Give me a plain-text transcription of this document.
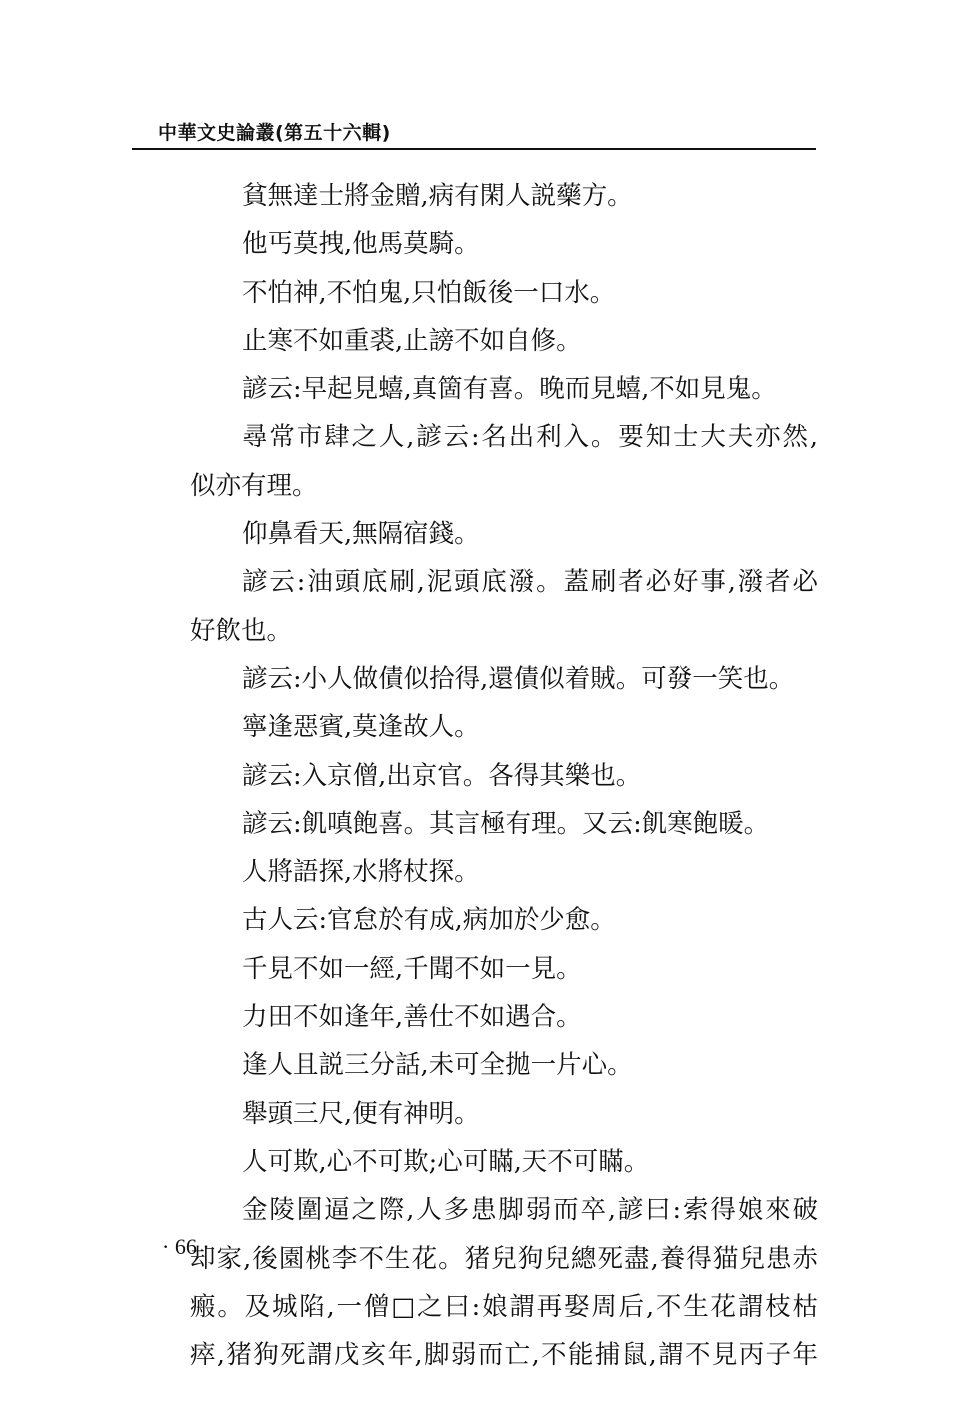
中華文史論叢(第五十六輯)
貧無達士將金贈,病有閑人説藥方。
他丐莫拽,他馬莫騎。
不怕神,不怕鬼,只怕飯後一口水。
止寒不如重裘,止謗不如自修。
諺云:早起見蟢,真箇有喜。晚而見蟢,不如見鬼。
尋常市肆之人,諺云:名出利入。要知士大夫亦然,
似亦有理。
仰鼻看天,無隔宿錢。
諺云:油頭底刷,泥頭底潑。蓋刷者必好事,潑者必
好飲也。
諺云:小人做債似拾得,還債似着賊。可發一笑也。
寧逢惡賓,莫逢故人。
諺云:入京僧,出京官。各得其樂也。
諺云:飢嗔飽喜。其言極有理。又云:飢寒飽暖。
人將語探,水將杖探。
古人云:官怠於有成,病加於少愈。
千見不如一經,千聞不如一見。
力田不如逢年,善仕不如遇合。
逢人且説三分話,未可全拋一片心。
舉頭三尺,便有神明。
人可欺,心不可欺;心可瞞,天不可瞞。
金陵圍逼之際,人多患脚弱而卒,諺曰:索得娘來破
却家,後園桃李不生花。猪兒狗兒總死盡,養得猫兒患赤
瘢。及城陷,一僧□之曰:娘謂再娶周后,不生花謂枝枯
瘁,猪狗死謂戊亥年,脚弱而亡,不能捕鼠,謂不見丙子年
· 66 ·
